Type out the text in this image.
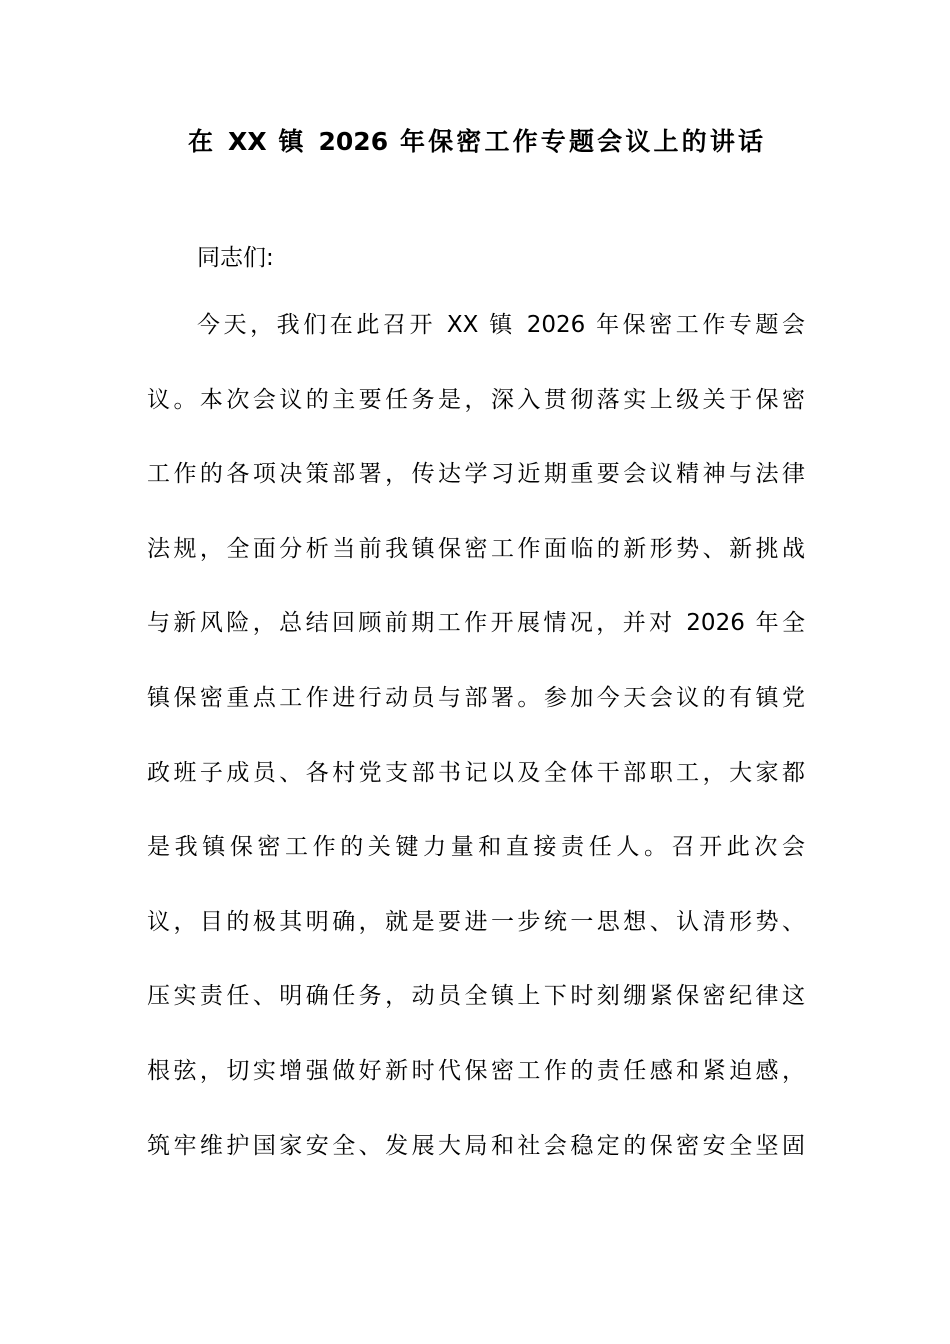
在 XX 镇 2026 年保密工作专题会议上的讲话
同志们:
今天，我们在此召开 XX 镇 2026 年保密工作专题会
议。本次会议的主要任务是，深入贯彻落实上级关于保密
工作的各项决策部署，传达学习近期重要会议精神与法律
法规，全面分析当前我镇保密工作面临的新形势、新挑战
与新风险，总结回顾前期工作开展情况，并对 2026 年全
镇保密重点工作进行动员与部署。参加今天会议的有镇党
政班子成员、各村党支部书记以及全体干部职工，大家都
是我镇保密工作的关键力量和直接责任人。召开此次会
议，目的极其明确，就是要进一步统一思想、认清形势、
压实责任、明确任务，动员全镇上下时刻绷紧保密纪律这
根弦，切实增强做好新时代保密工作的责任感和紧迫感，
筑牢维护国家安全、发展大局和社会稳定的保密安全坚固
